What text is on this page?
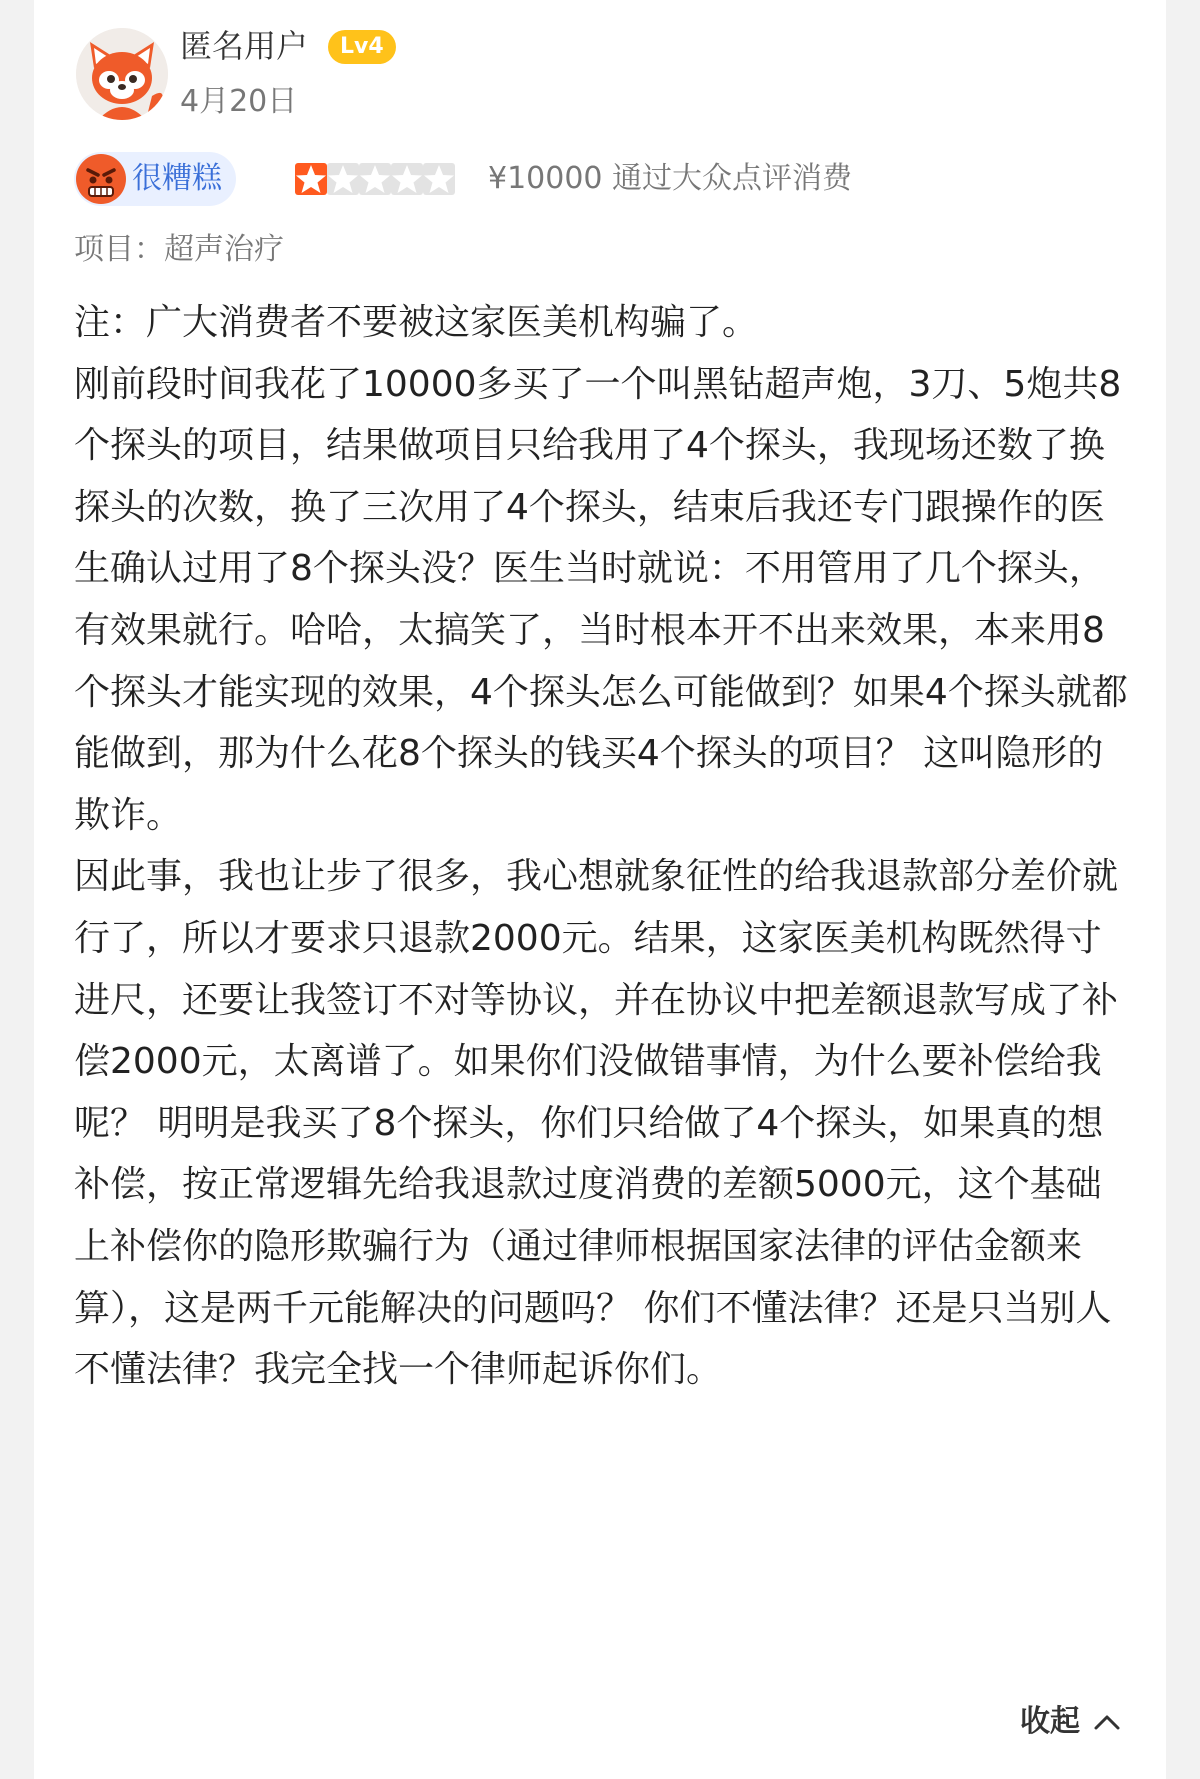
匿名用户	Lv4
4月20日
很糟糕	¥10000 通过大众点评消费
项目：超声治疗

注：广大消费者不要被这家医美机构骗了。

刚前段时间我花了10000多买了一个叫黑钻超声炮，3刀、5炮共8个探头的项目，结果做项目只给我用了4个探头，我现场还数了换探头的次数，换了三次用了4个探头，结束后我还专门跟操作的医生确认过用了8个探头没？医生当时就说：不用管用了几个探头，有效果就行。哈哈，太搞笑了，当时根本开不出来效果，本来用8个探头才能实现的效果，4个探头怎么可能做到？如果4个探头就都能做到，那为什么花8个探头的钱买4个探头的项目？ 这叫隐形的欺诈。

因此事，我也让步了很多，我心想就象征性的给我退款部分差价就行了，所以才要求只退款2000元。结果，这家医美机构既然得寸进尺，还要让我签订不对等协议，并在协议中把差额退款写成了补偿2000元，太离谱了。如果你们没做错事情，为什么要补偿给我呢？ 明明是我买了8个探头，你们只给做了4个探头，如果真的想补偿，按正常逻辑先给我退款过度消费的差额5000元，这个基础上补偿你的隐形欺骗行为（通过律师根据国家法律的评估金额来算），这是两千元能解决的问题吗？ 你们不懂法律？还是只当别人不懂法律？我完全找一个律师起诉你们。

收起
